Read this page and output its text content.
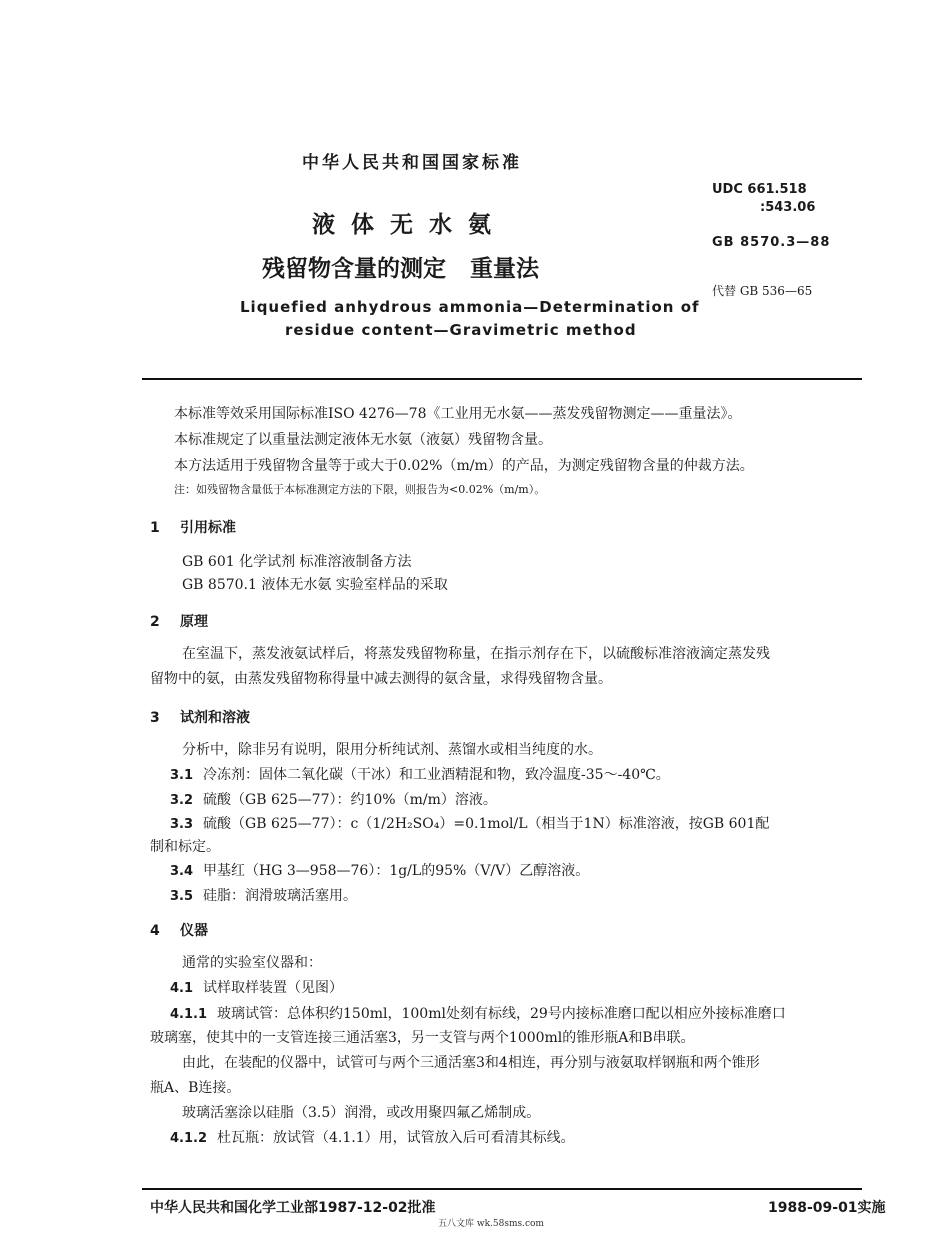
中华人民共和国国家标准
UDC 661.518
:543.06
GB 8570.3—88
代替 GB 536—65
液体无水氨
残留物含量的测定 重量法
Liquefied anhydrous ammonia—Determination of
residue content—Gravimetric method
本标准等效采用国际标准ISO 4276—78《工业用无水氨——蒸发残留物测定——重量法》。
本标准规定了以重量法测定液体无水氨（液氨）残留物含量。
本方法适用于残留物含量等于或大于0.02%（m/m）的产品，为测定残留物含量的仲裁方法。
注：如残留物含量低于本标准测定方法的下限，则报告为<0.02%（m/m）。
1 引用标准
GB 601 化学试剂 标准溶液制备方法
GB 8570.1 液体无水氨 实验室样品的采取
2 原理
在室温下，蒸发液氨试样后，将蒸发残留物称量，在指示剂存在下，以硫酸标准溶液滴定蒸发残
留物中的氨，由蒸发残留物称得量中减去测得的氨含量，求得残留物含量。
3 试剂和溶液
分析中，除非另有说明，限用分析纯试剂、蒸馏水或相当纯度的水。
3.1 冷冻剂：固体二氧化碳（干冰）和工业酒精混和物，致冷温度-35～-40℃。
3.2 硫酸（GB 625—77）：约10%（m/m）溶液。
3.3 硫酸（GB 625—77）：c（1/2H₂SO₄）=0.1mol/L（相当于1N）标准溶液，按GB 601配
制和标定。
3.4 甲基红（HG 3—958—76）：1g/L的95%（V/V）乙醇溶液。
3.5 硅脂：润滑玻璃活塞用。
4 仪器
通常的实验室仪器和：
4.1 试样取样装置（见图）
4.1.1 玻璃试管：总体积约150ml，100ml处刻有标线，29号内接标准磨口配以相应外接标准磨口
玻璃塞，使其中的一支管连接三通活塞3，另一支管与两个1000ml的锥形瓶A和B串联。
由此，在装配的仪器中，试管可与两个三通活塞3和4相连，再分别与液氨取样钢瓶和两个锥形
瓶A、B连接。
玻璃活塞涂以硅脂（3.5）润滑，或改用聚四氟乙烯制成。
4.1.2 杜瓦瓶：放试管（4.1.1）用，试管放入后可看清其标线。
中华人民共和国化学工业部1987-12-02批准	1988-09-01实施
五八文库 wk.58sms.com
